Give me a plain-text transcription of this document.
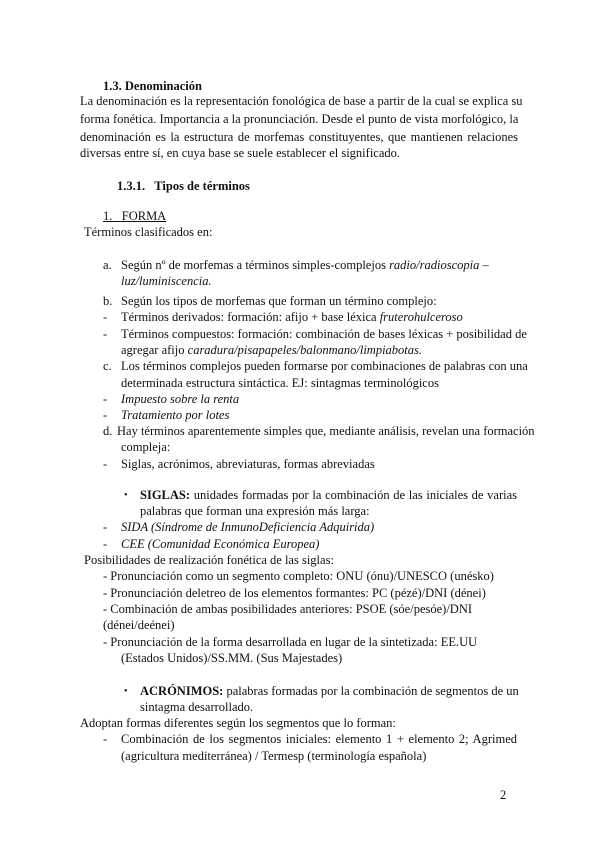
1.3. Denominación
La denominación es la representación fonológica de base a partir de la cual se explica su
forma fonética. Importancia a la pronunciación. Desde el punto de vista morfológico, la
denominación es la estructura de morfemas constituyentes, que mantienen relaciones
diversas entre sí, en cuya base se suele establecer el significado.
1.3.1. Tipos de términos
1. FORMA
Términos clasificados en:
a. Según nº de morfemas a términos simples-complejos radio/radioscopia –
luz/luminiscencia.
b. Según los tipos de morfemas que forman un término complejo:
- Términos derivados: formación: afijo + base léxica fruterohulceroso
- Términos compuestos: formación: combinación de bases léxicas + posibilidad de
agregar afijo caradura/pisapapeles/balonmano/limpiabotas.
c. Los términos complejos pueden formarse por combinaciones de palabras con una
determinada estructura sintáctica. EJ: sintagmas terminológicos
- Impuesto sobre la renta
- Tratamiento por lotes
d. Hay términos aparentemente simples que, mediante análisis, revelan una formación
compleja:
- Siglas, acrónimos, abreviaturas, formas abreviadas
• SIGLAS: unidades formadas por la combinación de las iniciales de varias
palabras que forman una expresión más larga:
- SIDA (Síndrome de InmunoDeficiencia Adquirida)
- CEE (Comunidad Económica Europea)
Posibilidades de realización fonética de las siglas:
- Pronunciación como un segmento completo: ONU (ónu)/UNESCO (unésko)
- Pronunciación deletreo de los elementos formantes: PC (pézé)/DNI (dénei)
- Combinación de ambas posibilidades anteriores: PSOE (sóe/pesóe)/DNI
(dénei/deénei)
- Pronunciación de la forma desarrollada en lugar de la sintetizada: EE.UU
(Estados Unidos)/SS.MM. (Sus Majestades)
• ACRÓNIMOS: palabras formadas por la combinación de segmentos de un
sintagma desarrollado.
Adoptan formas diferentes según los segmentos que lo forman:
- Combinación de los segmentos iniciales: elemento 1 + elemento 2; Agrimed
(agricultura mediterránea) / Termesp (terminología española)
2
